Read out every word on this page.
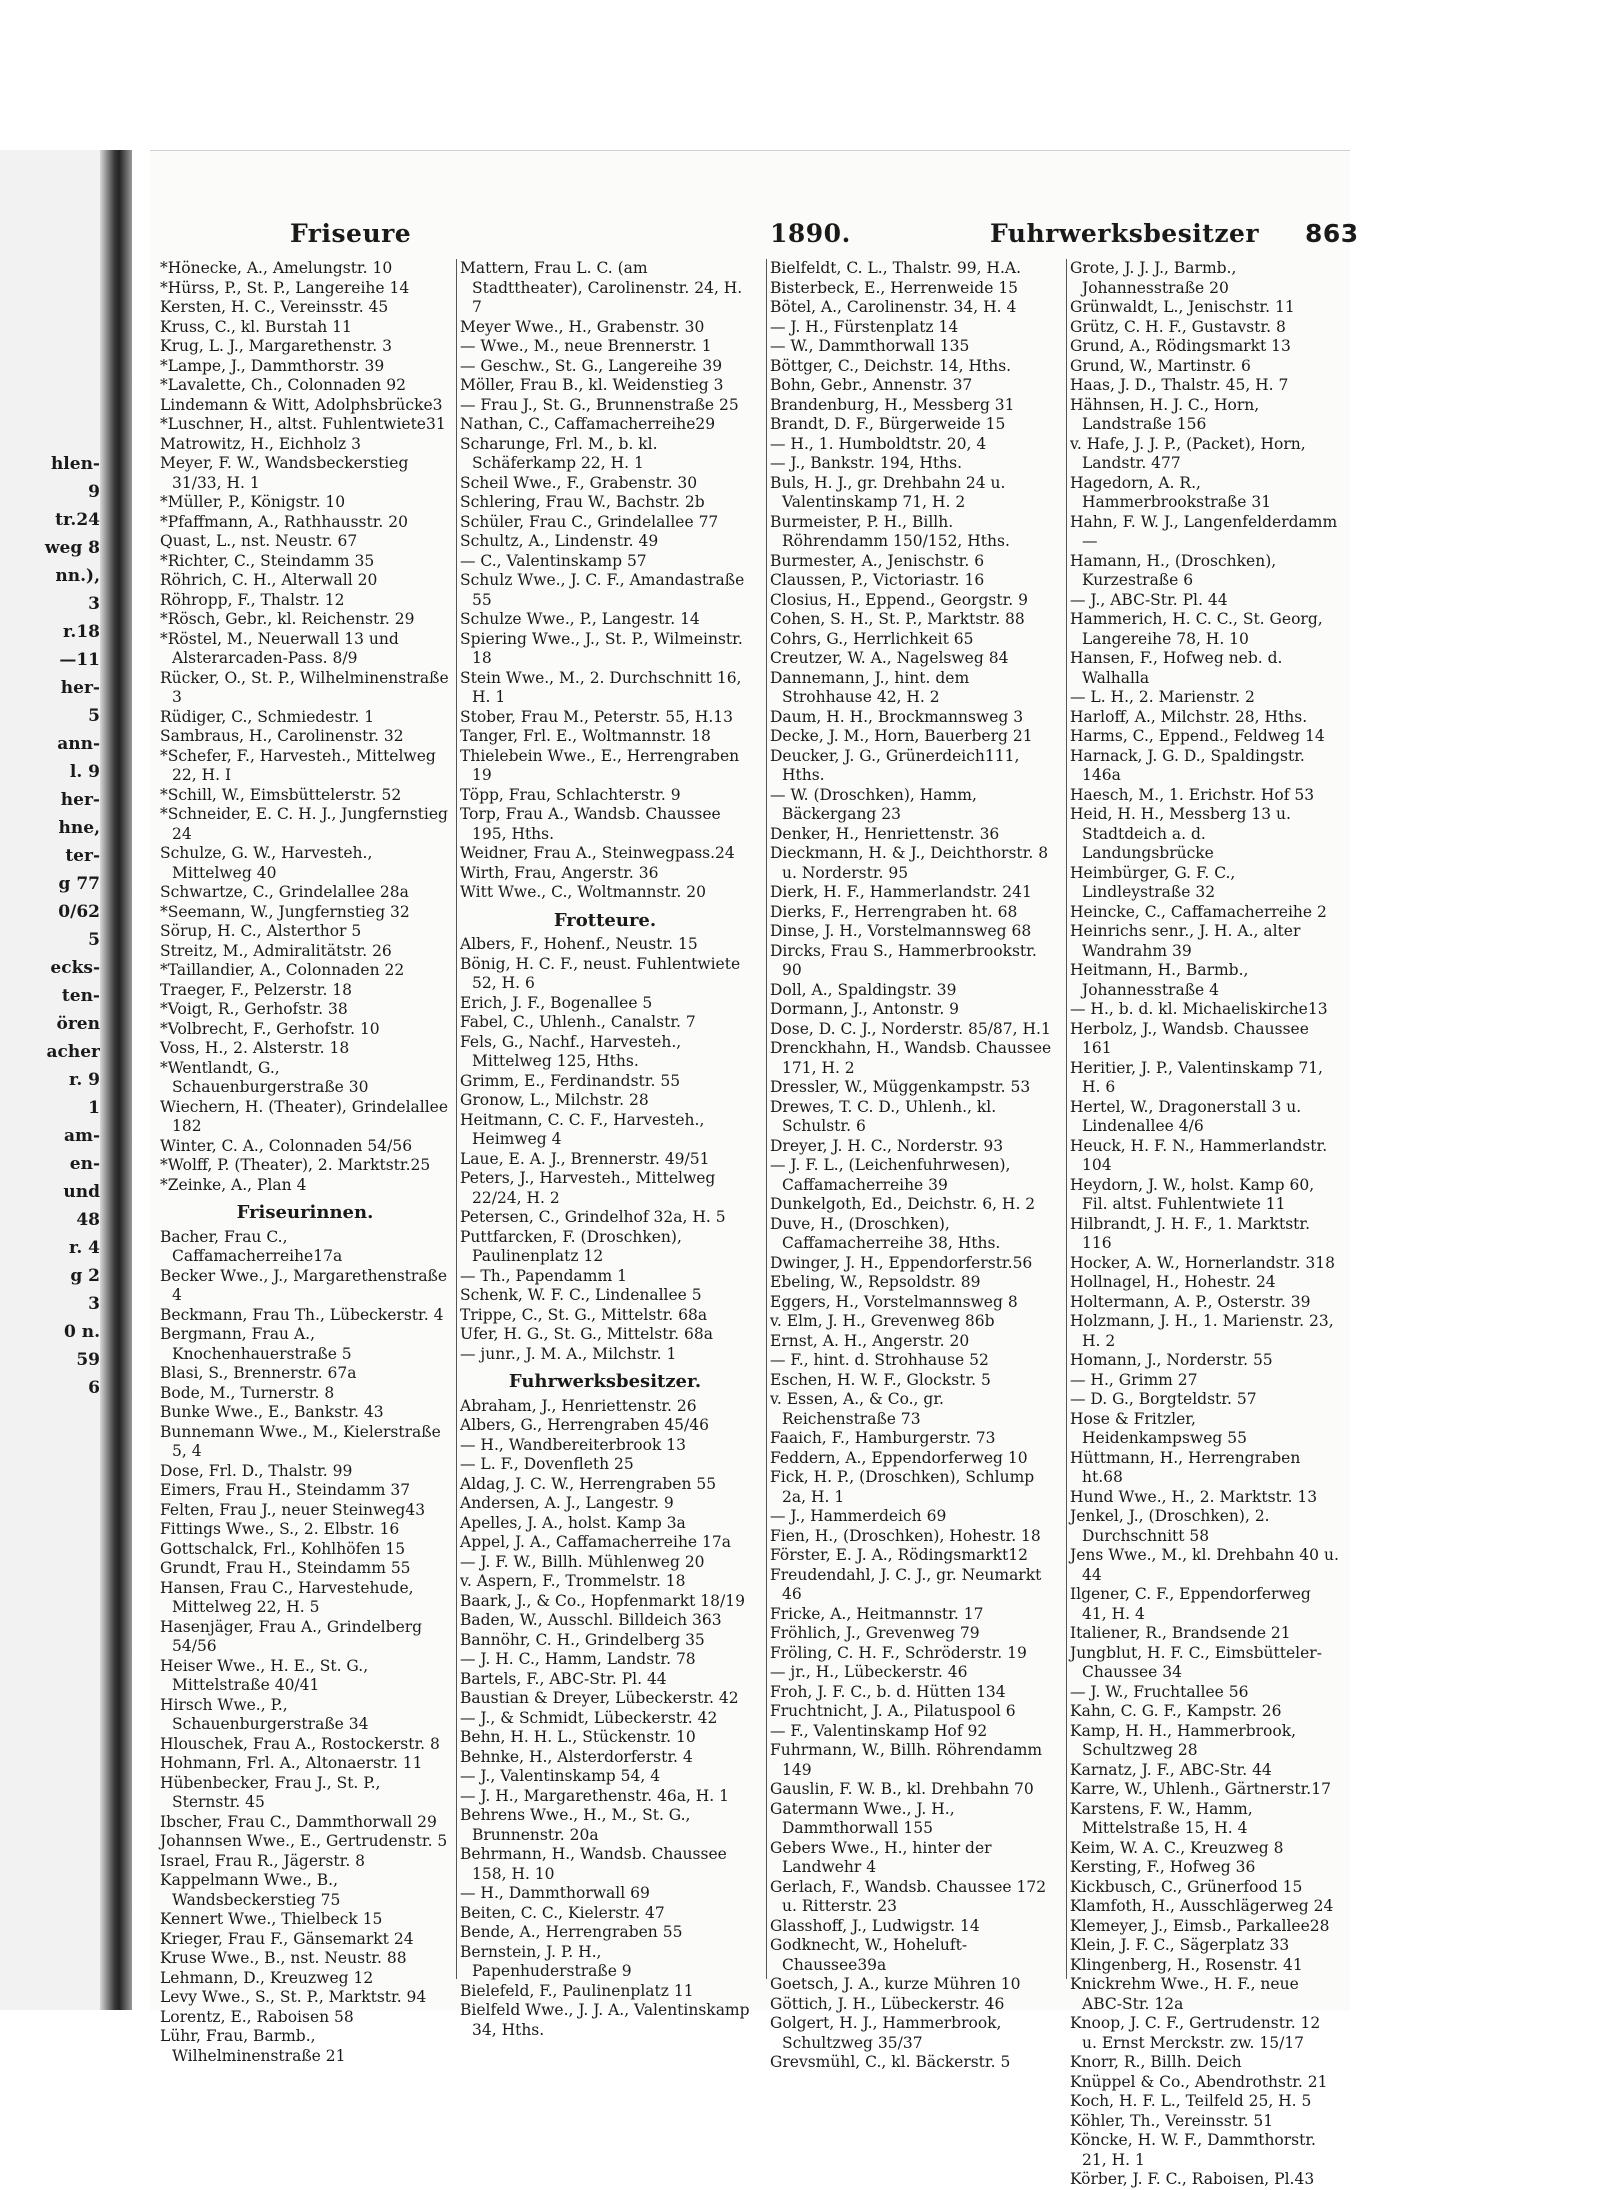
hlen-
9
tr.24
weg 8
nn.),
3
r.18
—11
her-
5
ann-
l. 9
her-
hne,
ter-
g 77
0/62
5
ecks-
ten-
ören
acher
r. 9
1
am-
en-
und
48
r. 4
g 2
3
0 n.
59
6
Friseure	1890.	Fuhrwerksbesitzer 863
*Hönecke, A., Amelungstr. 10
*Hürss, P., St. P., Langereihe 14
Kersten, H. C., Vereinsstr. 45
Kruss, C., kl. Burstah 11
Krug, L. J., Margarethenstr. 3
*Lampe, J., Dammthorstr. 39
*Lavalette, Ch., Colonnaden 92
Lindemann & Witt, Adolphsbrücke3
*Luschner, H., altst. Fuhlentwiete31
Matrowitz, H., Eichholz 3
Meyer, F. W., Wandsbeckerstieg 31/33, H. 1
*Müller, P., Königstr. 10
*Pfaffmann, A., Rathhausstr. 20
Quast, L., nst. Neustr. 67
*Richter, C., Steindamm 35
Röhrich, C. H., Alterwall 20
Röhropp, F., Thalstr. 12
*Rösch, Gebr., kl. Reichenstr. 29
*Röstel, M., Neuerwall 13 und Alsterarcaden-Pass. 8/9
Rücker, O., St. P., Wilhelminenstraße 3
Rüdiger, C., Schmiedestr. 1
Sambraus, H., Carolinenstr. 32
*Schefer, F., Harvesteh., Mittelweg 22, H. I
*Schill, W., Eimsbüttelerstr. 52
*Schneider, E. C. H. J., Jungfernstieg 24
Schulze, G. W., Harvesteh., Mittelweg 40
Schwartze, C., Grindelallee 28a
*Seemann, W., Jungfernstieg 32
Sörup, H. C., Alsterthor 5
Streitz, M., Admiralitätstr. 26
*Taillandier, A., Colonnaden 22
Traeger, F., Pelzerstr. 18
*Voigt, R., Gerhofstr. 38
*Volbrecht, F., Gerhofstr. 10
Voss, H., 2. Alsterstr. 18
*Wentlandt, G., Schauenburgerstraße 30
Wiechern, H. (Theater), Grindelallee 182
Winter, C. A., Colonnaden 54/56
*Wolff, P. (Theater), 2. Marktstr.25
*Zeinke, A., Plan 4
Friseurinnen.
Bacher, Frau C., Caffamacherreihe17a
Becker Wwe., J., Margarethenstraße 4
Beckmann, Frau Th., Lübeckerstr. 4
Bergmann, Frau A., Knochenhauerstraße 5
Blasi, S., Brennerstr. 67a
Bode, M., Turnerstr. 8
Bunke Wwe., E., Bankstr. 43
Bunnemann Wwe., M., Kielerstraße 5, 4
Dose, Frl. D., Thalstr. 99
Eimers, Frau H., Steindamm 37
Felten, Frau J., neuer Steinweg43
Fittings Wwe., S., 2. Elbstr. 16
Gottschalck, Frl., Kohlhöfen 15
Grundt, Frau H., Steindamm 55
Hansen, Frau C., Harvestehude, Mittelweg 22, H. 5
Hasenjäger, Frau A., Grindelberg 54/56
Heiser Wwe., H. E., St. G., Mittelstraße 40/41
Hirsch Wwe., P., Schauenburgerstraße 34
Hlouschek, Frau A., Rostockerstr. 8
Hohmann, Frl. A., Altonaerstr. 11
Hübenbecker, Frau J., St. P., Sternstr. 45
Ibscher, Frau C., Dammthorwall 29
Johannsen Wwe., E., Gertrudenstr. 5
Israel, Frau R., Jägerstr. 8
Kappelmann Wwe., B., Wandsbeckerstieg 75
Kennert Wwe., Thielbeck 15
Krieger, Frau F., Gänsemarkt 24
Kruse Wwe., B., nst. Neustr. 88
Lehmann, D., Kreuzweg 12
Levy Wwe., S., St. P., Marktstr. 94
Lorentz, E., Raboisen 58
Lühr, Frau, Barmb., Wilhelminenstraße 21
Mattern, Frau L. C. (am Stadttheater), Carolinenstr. 24, H. 7
Meyer Wwe., H., Grabenstr. 30
— Wwe., M., neue Brennerstr. 1
— Geschw., St. G., Langereihe 39
Möller, Frau B., kl. Weidenstieg 3
— Frau J., St. G., Brunnenstraße 25
Nathan, C., Caffamacherreihe29
Scharunge, Frl. M., b. kl. Schäferkamp 22, H. 1
Scheil Wwe., F., Grabenstr. 30
Schlering, Frau W., Bachstr. 2b
Schüler, Frau C., Grindelallee 77
Schultz, A., Lindenstr. 49
— C., Valentinskamp 57
Schulz Wwe., J. C. F., Amandastraße 55
Schulze Wwe., P., Langestr. 14
Spiering Wwe., J., St. P., Wilmeinstr. 18
Stein Wwe., M., 2. Durchschnitt 16, H. 1
Stober, Frau M., Peterstr. 55, H.13
Tanger, Frl. E., Woltmannstr. 18
Thielebein Wwe., E., Herrengraben 19
Töpp, Frau, Schlachterstr. 9
Torp, Frau A., Wandsb. Chaussee 195, Hths.
Weidner, Frau A., Steinwegpass.24
Wirth, Frau, Angerstr. 36
Witt Wwe., C., Woltmannstr. 20
Frotteure.
Albers, F., Hohenf., Neustr. 15
Bönig, H. C. F., neust. Fuhlentwiete 52, H. 6
Erich, J. F., Bogenallee 5
Fabel, C., Uhlenh., Canalstr. 7
Fels, G., Nachf., Harvesteh., Mittelweg 125, Hths.
Grimm, E., Ferdinandstr. 55
Gronow, L., Milchstr. 28
Heitmann, C. C. F., Harvesteh., Heimweg 4
Laue, E. A. J., Brennerstr. 49/51
Peters, J., Harvesteh., Mittelweg 22/24, H. 2
Petersen, C., Grindelhof 32a, H. 5
Puttfarcken, F. (Droschken), Paulinenplatz 12
— Th., Papendamm 1
Schenk, W. F. C., Lindenallee 5
Trippe, C., St. G., Mittelstr. 68a
Ufer, H. G., St. G., Mittelstr. 68a
— junr., J. M. A., Milchstr. 1
Fuhrwerksbesitzer.
Abraham, J., Henriettenstr. 26
Albers, G., Herrengraben 45/46
— H., Wandbereiterbrook 13
— L. F., Dovenfleth 25
Aldag, J. C. W., Herrengraben 55
Andersen, A. J., Langestr. 9
Apelles, J. A., holst. Kamp 3a
Appel, J. A., Caffamacherreihe 17a
— J. F. W., Billh. Mühlenweg 20
v. Aspern, F., Trommelstr. 18
Baark, J., & Co., Hopfenmarkt 18/19
Baden, W., Ausschl. Billdeich 363
Bannöhr, C. H., Grindelberg 35
— J. H. C., Hamm, Landstr. 78
Bartels, F., ABC-Str. Pl. 44
Baustian & Dreyer, Lübeckerstr. 42
— J., & Schmidt, Lübeckerstr. 42
Behn, H. H. L., Stückenstr. 10
Behnke, H., Alsterdorferstr. 4
— J., Valentinskamp 54, 4
— J. H., Margarethenstr. 46a, H. 1
Behrens Wwe., H., M., St. G., Brunnenstr. 20a
Behrmann, H., Wandsb. Chaussee 158, H. 10
— H., Dammthorwall 69
Beiten, C. C., Kielerstr. 47
Bende, A., Herrengraben 55
Bernstein, J. P. H., Papenhuderstraße 9
Bielefeld, F., Paulinenplatz 11
Bielfeld Wwe., J. J. A., Valentinskamp 34, Hths.
Bielfeldt, C. L., Thalstr. 99, H.A.
Bisterbeck, E., Herrenweide 15
Bötel, A., Carolinenstr. 34, H. 4
— J. H., Fürstenplatz 14
— W., Dammthorwall 135
Böttger, C., Deichstr. 14, Hths.
Bohn, Gebr., Annenstr. 37
Brandenburg, H., Messberg 31
Brandt, D. F., Bürgerweide 15
— H., 1. Humboldtstr. 20, 4
— J., Bankstr. 194, Hths.
Buls, H. J., gr. Drehbahn 24 u. Valentinskamp 71, H. 2
Burmeister, P. H., Billh. Röhrendamm 150/152, Hths.
Burmester, A., Jenischstr. 6
Claussen, P., Victoriastr. 16
Closius, H., Eppend., Georgstr. 9
Cohen, S. H., St. P., Marktstr. 88
Cohrs, G., Herrlichkeit 65
Creutzer, W. A., Nagelsweg 84
Dannemann, J., hint. dem Strohhause 42, H. 2
Daum, H. H., Brockmannsweg 3
Decke, J. M., Horn, Bauerberg 21
Deucker, J. G., Grünerdeich111, Hths.
— W. (Droschken), Hamm, Bäckergang 23
Denker, H., Henriettenstr. 36
Dieckmann, H. & J., Deichthorstr. 8 u. Norderstr. 95
Dierk, H. F., Hammerlandstr. 241
Dierks, F., Herrengraben ht. 68
Dinse, J. H., Vorstelmannsweg 68
Dircks, Frau S., Hammerbrookstr. 90
Doll, A., Spaldingstr. 39
Dormann, J., Antonstr. 9
Dose, D. C. J., Norderstr. 85/87, H.1
Drenckhahn, H., Wandsb. Chaussee 171, H. 2
Dressler, W., Müggenkampstr. 53
Drewes, T. C. D., Uhlenh., kl. Schulstr. 6
Dreyer, J. H. C., Norderstr. 93
— J. F. L., (Leichenfuhrwesen), Caffamacherreihe 39
Dunkelgoth, Ed., Deichstr. 6, H. 2
Duve, H., (Droschken), Caffamacherreihe 38, Hths.
Dwinger, J. H., Eppendorferstr.56
Ebeling, W., Repsoldstr. 89
Eggers, H., Vorstelmannsweg 8
v. Elm, J. H., Grevenweg 86b
Ernst, A. H., Angerstr. 20
— F., hint. d. Strohhause 52
Eschen, H. W. F., Glockstr. 5
v. Essen, A., & Co., gr. Reichenstraße 73
Faaich, F., Hamburgerstr. 73
Feddern, A., Eppendorferweg 10
Fick, H. P., (Droschken), Schlump 2a, H. 1
— J., Hammerdeich 69
Fien, H., (Droschken), Hohestr. 18
Förster, E. J. A., Rödingsmarkt12
Freudendahl, J. C. J., gr. Neumarkt 46
Fricke, A., Heitmannstr. 17
Fröhlich, J., Grevenweg 79
Fröling, C. H. F., Schröderstr. 19
— jr., H., Lübeckerstr. 46
Froh, J. F. C., b. d. Hütten 134
Fruchtnicht, J. A., Pilatuspool 6
— F., Valentinskamp Hof 92
Fuhrmann, W., Billh. Röhrendamm 149
Gauslin, F. W. B., kl. Drehbahn 70
Gatermann Wwe., J. H., Dammthorwall 155
Gebers Wwe., H., hinter der Landwehr 4
Gerlach, F., Wandsb. Chaussee 172 u. Ritterstr. 23
Glasshoff, J., Ludwigstr. 14
Godknecht, W., Hoheluft-Chaussee39a
Goetsch, J. A., kurze Mühren 10
Göttich, J. H., Lübeckerstr. 46
Golgert, H. J., Hammerbrook, Schultzweg 35/37
Grevsmühl, C., kl. Bäckerstr. 5
Grote, J. J. J., Barmb., Johannesstraße 20
Grünwaldt, L., Jenischstr. 11
Grütz, C. H. F., Gustavstr. 8
Grund, A., Rödingsmarkt 13
Grund, W., Martinstr. 6
Haas, J. D., Thalstr. 45, H. 7
Hähnsen, H. J. C., Horn, Landstraße 156
v. Hafe, J. J. P., (Packet), Horn, Landstr. 477
Hagedorn, A. R., Hammerbrookstraße 31
Hahn, F. W. J., Langenfelderdamm —
Hamann, H., (Droschken), Kurzestraße 6
— J., ABC-Str. Pl. 44
Hammerich, H. C. C., St. Georg, Langereihe 78, H. 10
Hansen, F., Hofweg neb. d. Walhalla
— L. H., 2. Marienstr. 2
Harloff, A., Milchstr. 28, Hths.
Harms, C., Eppend., Feldweg 14
Harnack, J. G. D., Spaldingstr. 146a
Haesch, M., 1. Erichstr. Hof 53
Heid, H. H., Messberg 13 u. Stadtdeich a. d. Landungsbrücke
Heimbürger, G. F. C., Lindleystraße 32
Heincke, C., Caffamacherreihe 2
Heinrichs senr., J. H. A., alter Wandrahm 39
Heitmann, H., Barmb., Johannesstraße 4
— H., b. d. kl. Michaeliskirche13
Herbolz, J., Wandsb. Chaussee 161
Heritier, J. P., Valentinskamp 71, H. 6
Hertel, W., Dragonerstall 3 u. Lindenallee 4/6
Heuck, H. F. N., Hammerlandstr. 104
Heydorn, J. W., holst. Kamp 60, Fil. altst. Fuhlentwiete 11
Hilbrandt, J. H. F., 1. Marktstr. 116
Hocker, A. W., Hornerlandstr. 318
Hollnagel, H., Hohestr. 24
Holtermann, A. P., Osterstr. 39
Holzmann, J. H., 1. Marienstr. 23, H. 2
Homann, J., Norderstr. 55
— H., Grimm 27
— D. G., Borgteldstr. 57
Hose & Fritzler, Heidenkampsweg 55
Hüttmann, H., Herrengraben ht.68
Hund Wwe., H., 2. Marktstr. 13
Jenkel, J., (Droschken), 2. Durchschnitt 58
Jens Wwe., M., kl. Drehbahn 40 u. 44
Ilgener, C. F., Eppendorferweg 41, H. 4
Italiener, R., Brandsende 21
Jungblut, H. F. C., Eimsbütteler-Chaussee 34
— J. W., Fruchtallee 56
Kahn, C. G. F., Kampstr. 26
Kamp, H. H., Hammerbrook, Schultzweg 28
Karnatz, J. F., ABC-Str. 44
Karre, W., Uhlenh., Gärtnerstr.17
Karstens, F. W., Hamm, Mittelstraße 15, H. 4
Keim, W. A. C., Kreuzweg 8
Kersting, F., Hofweg 36
Kickbusch, C., Grünerfood 15
Klamfoth, H., Ausschlägerweg 24
Klemeyer, J., Eimsb., Parkallee28
Klein, J. F. C., Sägerplatz 33
Klingenberg, H., Rosenstr. 41
Knickrehm Wwe., H. F., neue ABC-Str. 12a
Knoop, J. C. F., Gertrudenstr. 12 u. Ernst Merckstr. zw. 15/17
Knorr, R., Billh. Deich
Knüppel & Co., Abendrothstr. 21
Koch, H. F. L., Teilfeld 25, H. 5
Köhler, Th., Vereinsstr. 51
Köncke, H. W. F., Dammthorstr. 21, H. 1
Körber, J. F. C., Raboisen, Pl.43
